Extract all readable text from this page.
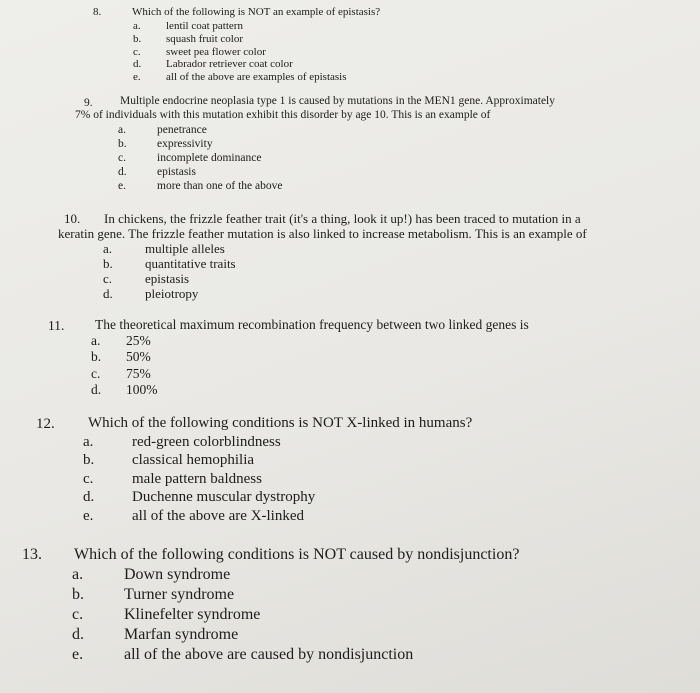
8.	Which of the following is NOT an example of epistasis?
a. lentil coat pattern
b. squash fruit color
c. sweet pea flower color
d. Labrador retriever coat color
e. all of the above are examples of epistasis
9. Multiple endocrine neoplasia type 1 is caused by mutations in the MEN1 gene. Approximately
7% of individuals with this mutation exhibit this disorder by age 10. This is an example of
a.	penetrance
b.	expressivity
c.	incomplete dominance
d.	epistasis
e.	more than one of the above
10. In chickens, the frizzle feather trait (it's a thing, look it up!) has been traced to mutation in a
keratin gene. The frizzle feather mutation is also linked to increase metabolism. This is an example of
a.	multiple alleles
b. quantitative traits
c.	epistasis
d. pleiotropy
11. The theoretical maximum recombination frequency between two linked genes is
a. 25%
b. 50%
c. 75%
d. 100%
12. Which of the following conditions is NOT X-linked in humans?
a.	red-green colorblindness
b.	classical hemophilia
c.	male pattern baldness
d.	Duchenne muscular dystrophy
e.	all of the above are X-linked
13. Which of the following conditions is NOT caused by nondisjunction?
a.	Down syndrome
b.	Turner syndrome
c.	Klinefelter syndrome
d.	Marfan syndrome
e.	all of the above are caused by nondisjunction
